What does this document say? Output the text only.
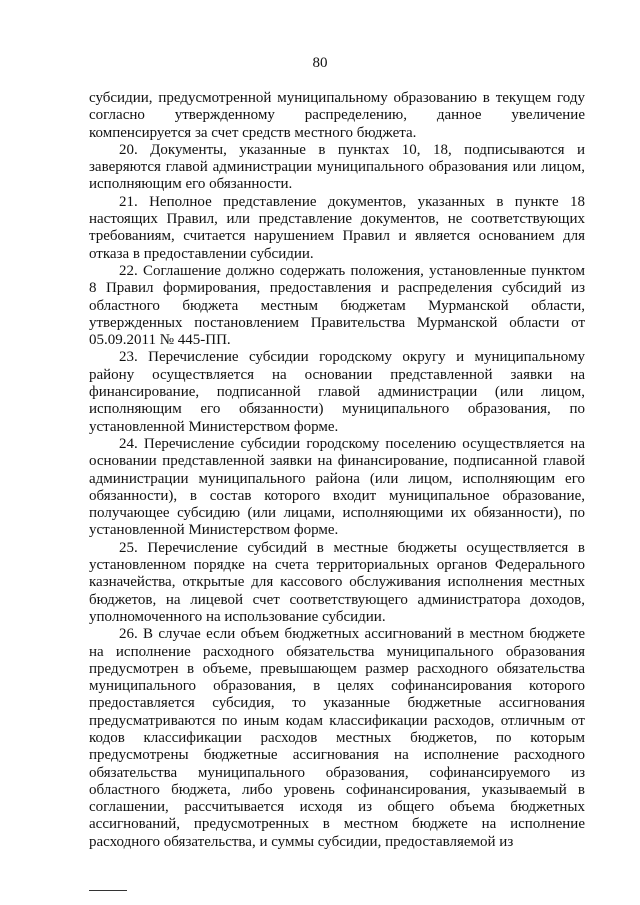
80

субсидии, предусмотренной муниципальному образованию в текущем году согласно утвержденному распределению, данное увеличение компенсируется за счет средств местного бюджета.

20. Документы, указанные в пунктах 10, 18, подписываются и заверяются главой администрации муниципального образования или лицом, исполняющим его обязанности.

21. Неполное представление документов, указанных в пункте 18 настоящих Правил, или представление документов, не соответствующих требованиям, считается нарушением Правил и является основанием для отказа в предоставлении субсидии.

22. Соглашение должно содержать положения, установленные пунктом 8 Правил формирования, предоставления и распределения субсидий из областного бюджета местным бюджетам Мурманской области, утвержденных постановлением Правительства Мурманской области от 05.09.2011 № 445-ПП.

23. Перечисление субсидии городскому округу и муниципальному району осуществляется на основании представленной заявки на финансирование, подписанной главой администрации (или лицом, исполняющим его обязанности) муниципального образования, по установленной Министерством форме.

24. Перечисление субсидии городскому поселению осуществляется на основании представленной заявки на финансирование, подписанной главой администрации муниципального района (или лицом, исполняющим его обязанности), в состав которого входит муниципальное образование, получающее субсидию (или лицами, исполняющими их обязанности), по установленной Министерством форме.

25. Перечисление субсидий в местные бюджеты осуществляется в установленном порядке на счета территориальных органов Федерального казначейства, открытые для кассового обслуживания исполнения местных бюджетов, на лицевой счет соответствующего администратора доходов, уполномоченного на использование субсидии.

26. В случае если объем бюджетных ассигнований в местном бюджете на исполнение расходного обязательства муниципального образования предусмотрен в объеме, превышающем размер расходного обязательства муниципального образования, в целях софинансирования которого предоставляется субсидия, то указанные бюджетные ассигнования предусматриваются по иным кодам классификации расходов, отличным от кодов классификации расходов местных бюджетов, по которым предусмотрены бюджетные ассигнования на исполнение расходного обязательства муниципального образования, софинансируемого из областного бюджета, либо уровень софинансирования, указываемый в соглашении, рассчитывается исходя из общего объема бюджетных ассигнований, предусмотренных в местном бюджете на исполнение расходного обязательства, и суммы субсидии, предоставляемой из
